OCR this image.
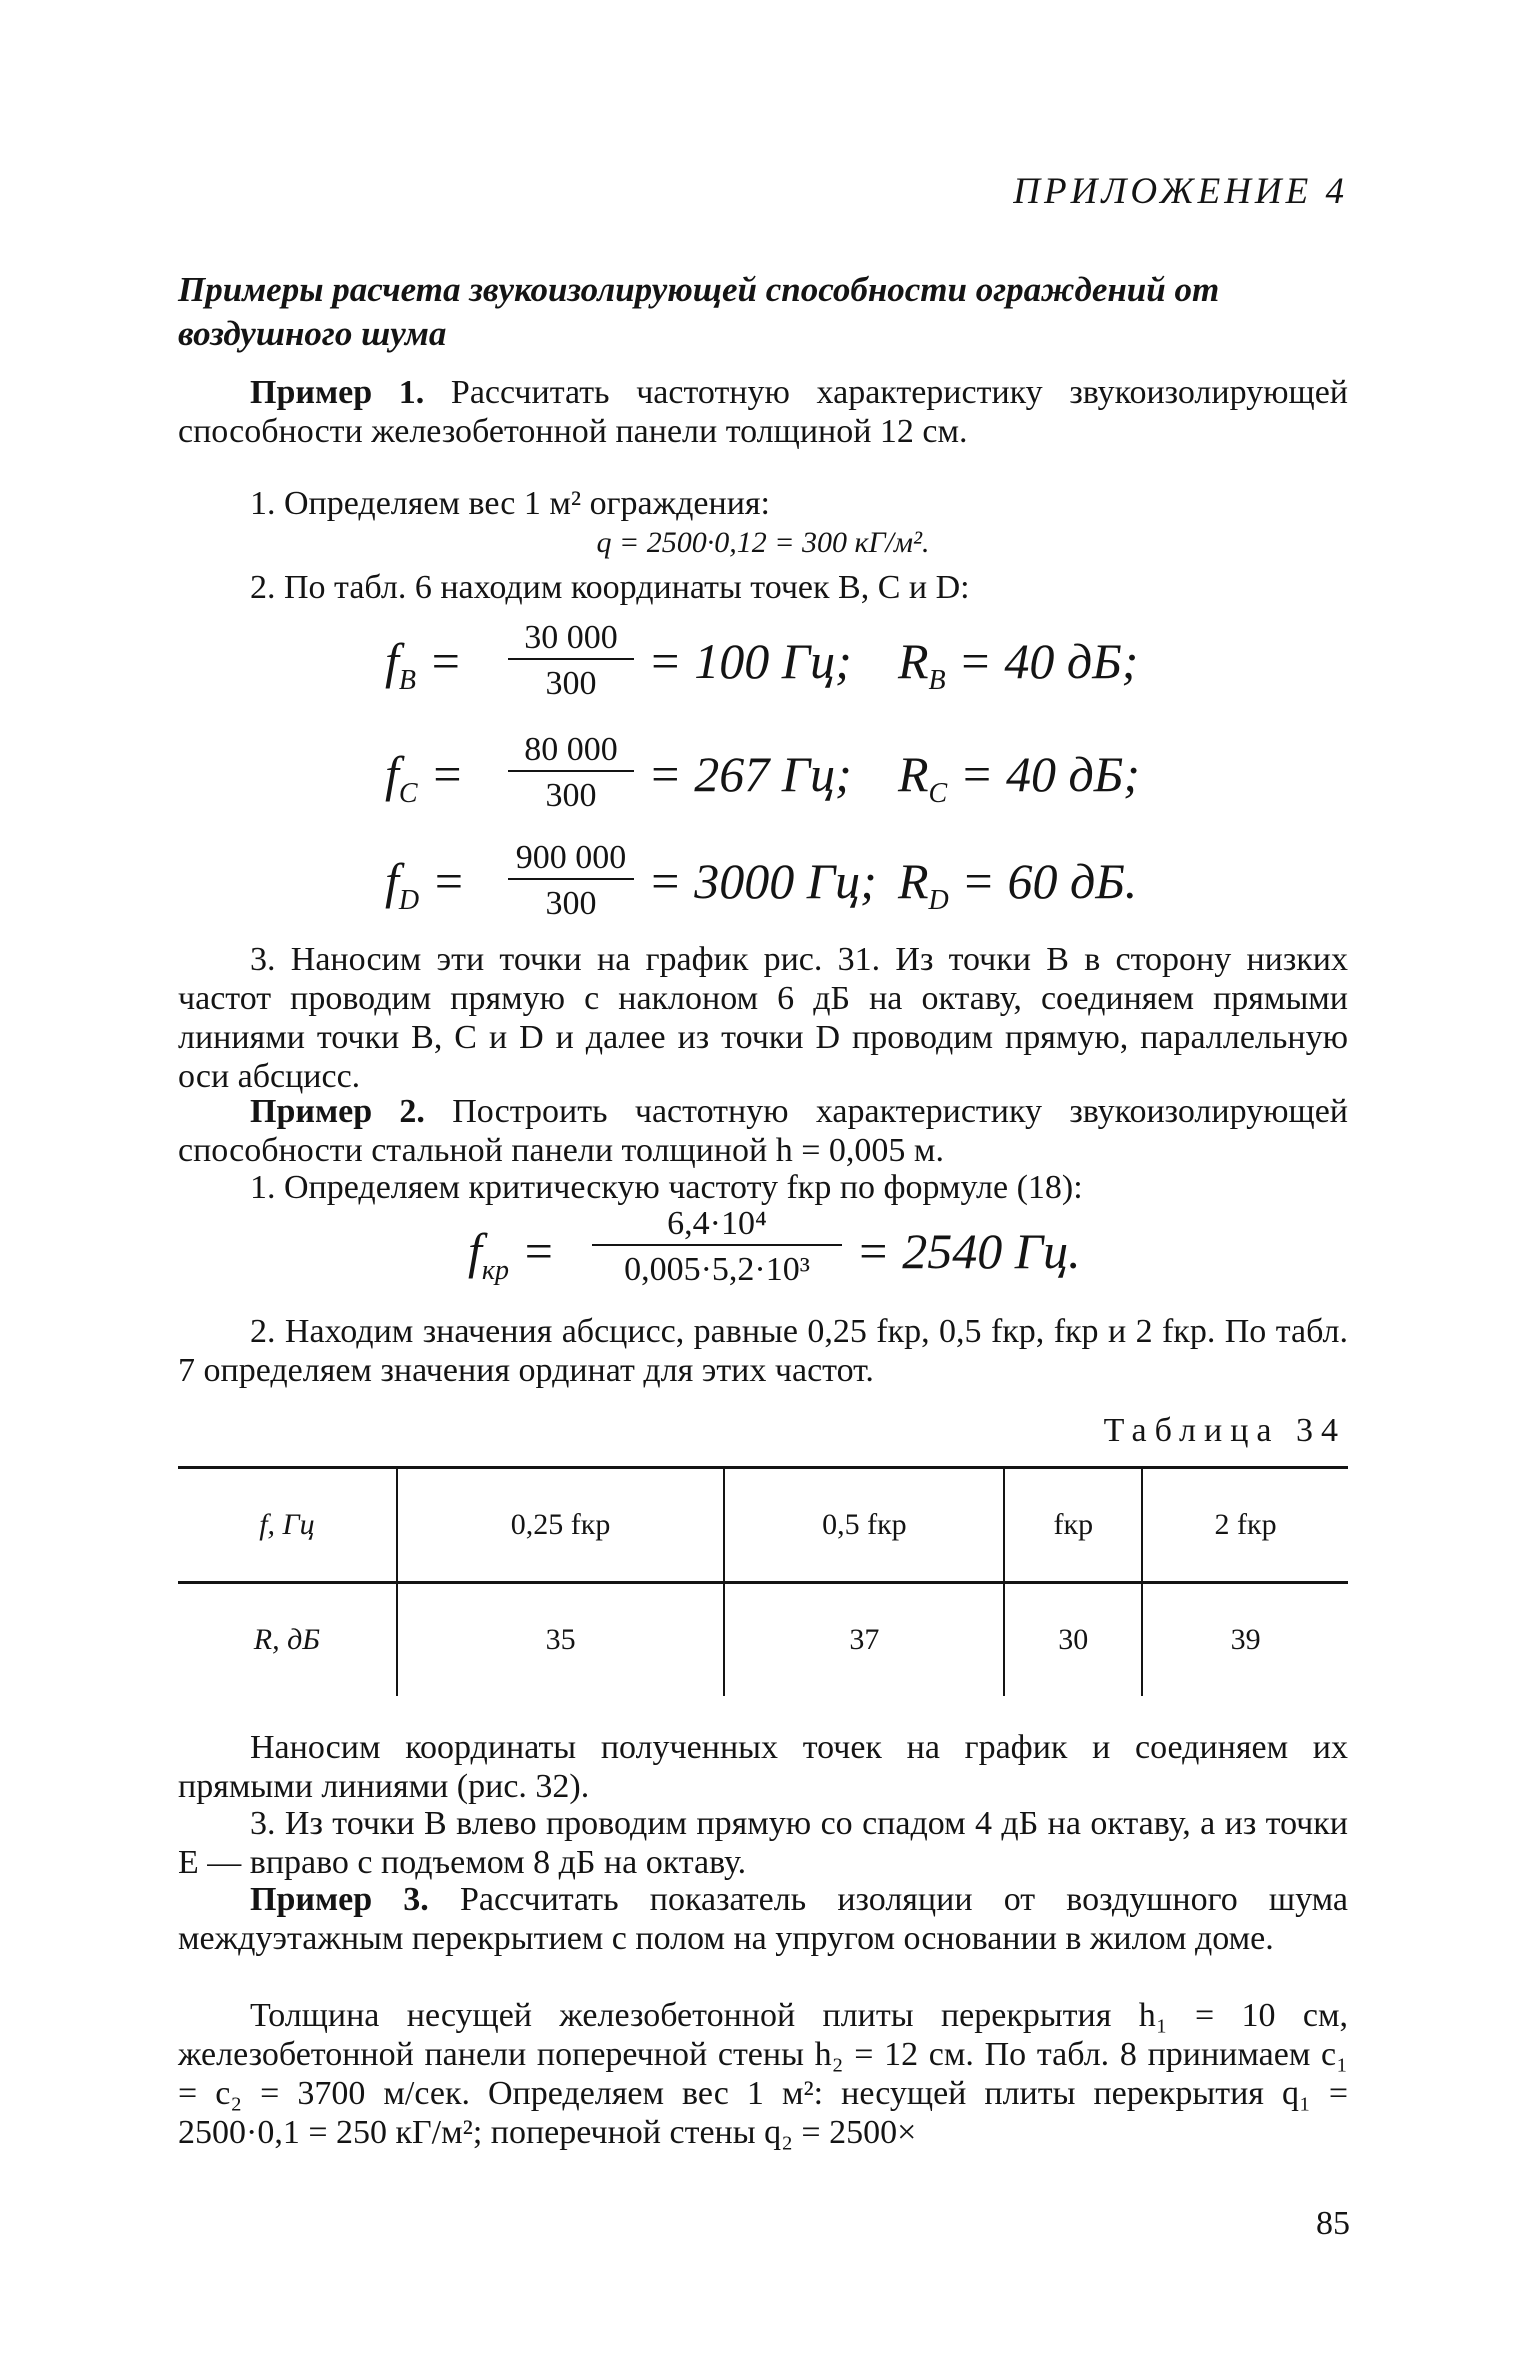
ПРИЛОЖЕНИЕ 4
Примеры расчета звукоизолирующей способности ограждений от воздушного шума

Пример 1. Рассчитать частотную характеристику звукоизолирующей способности железобетонной панели толщиной 12 см.

1. Определяем вес 1 м² ограждения:

q = 2500·0,12 = 300 кГ/м².

2. По табл. 6 находим координаты точек B, C и D:

$f_B = \frac{30 000}{300} = 100$ Гц; $R_B = 40$ дБ;
$f_C = \frac{80 000}{300} = 267$ Гц; $R_C = 40$ дБ;
$f_D = \frac{900 000}{300} = 3000$ Гц; $R_D = 60$ дБ.

3. Наносим эти точки на график рис. 31. Из точки B в сторону низких частот проводим прямую с наклоном 6 дБ на октаву, соединяем прямыми линиями точки B, C и D и далее из точки D проводим прямую, параллельную оси абсцисс.

Пример 2. Построить частотную характеристику звукоизолирующей способности стальной панели толщиной h = 0,005 м.

1. Определяем критическую частоту fкр по формуле (18):

$f_{кр} = \frac{\text{6,4·10⁴}}{\text{0,005·5,2·10³}} = 2540$ Гц.

2. Находим значения абсцисс, равные 0,25 fкр, 0,5 fкр, fкр и 2 fкр. По табл. 7 определяем значения ординат для этих частот.

Таблица 34
f, Гц	0,25 fкр	0,5 fкр	fкр	2 fкр
R, дБ	35	37	30	39

Наносим координаты полученных точек на график и соединяем их прямыми линиями (рис. 32).

3. Из точки B влево проводим прямую со спадом 4 дБ на октаву, а из точки E — вправо с подъемом 8 дБ на октаву.

Пример 3. Рассчитать показатель изоляции от воздушного шума междуэтажным перекрытием с полом на упругом основании в жилом доме.

Толщина несущей железобетонной плиты перекрытия h₁ = 10 см, железобетонной панели поперечной стены h₂ = 12 см. По табл. 8 принимаем c₁ = c₂ = 3700 м/сек. Определяем вес 1 м²: несущей плиты перекрытия q₁ = 2500·0,1 = 250 кГ/м²; поперечной стены q₂ = 2500×

85
